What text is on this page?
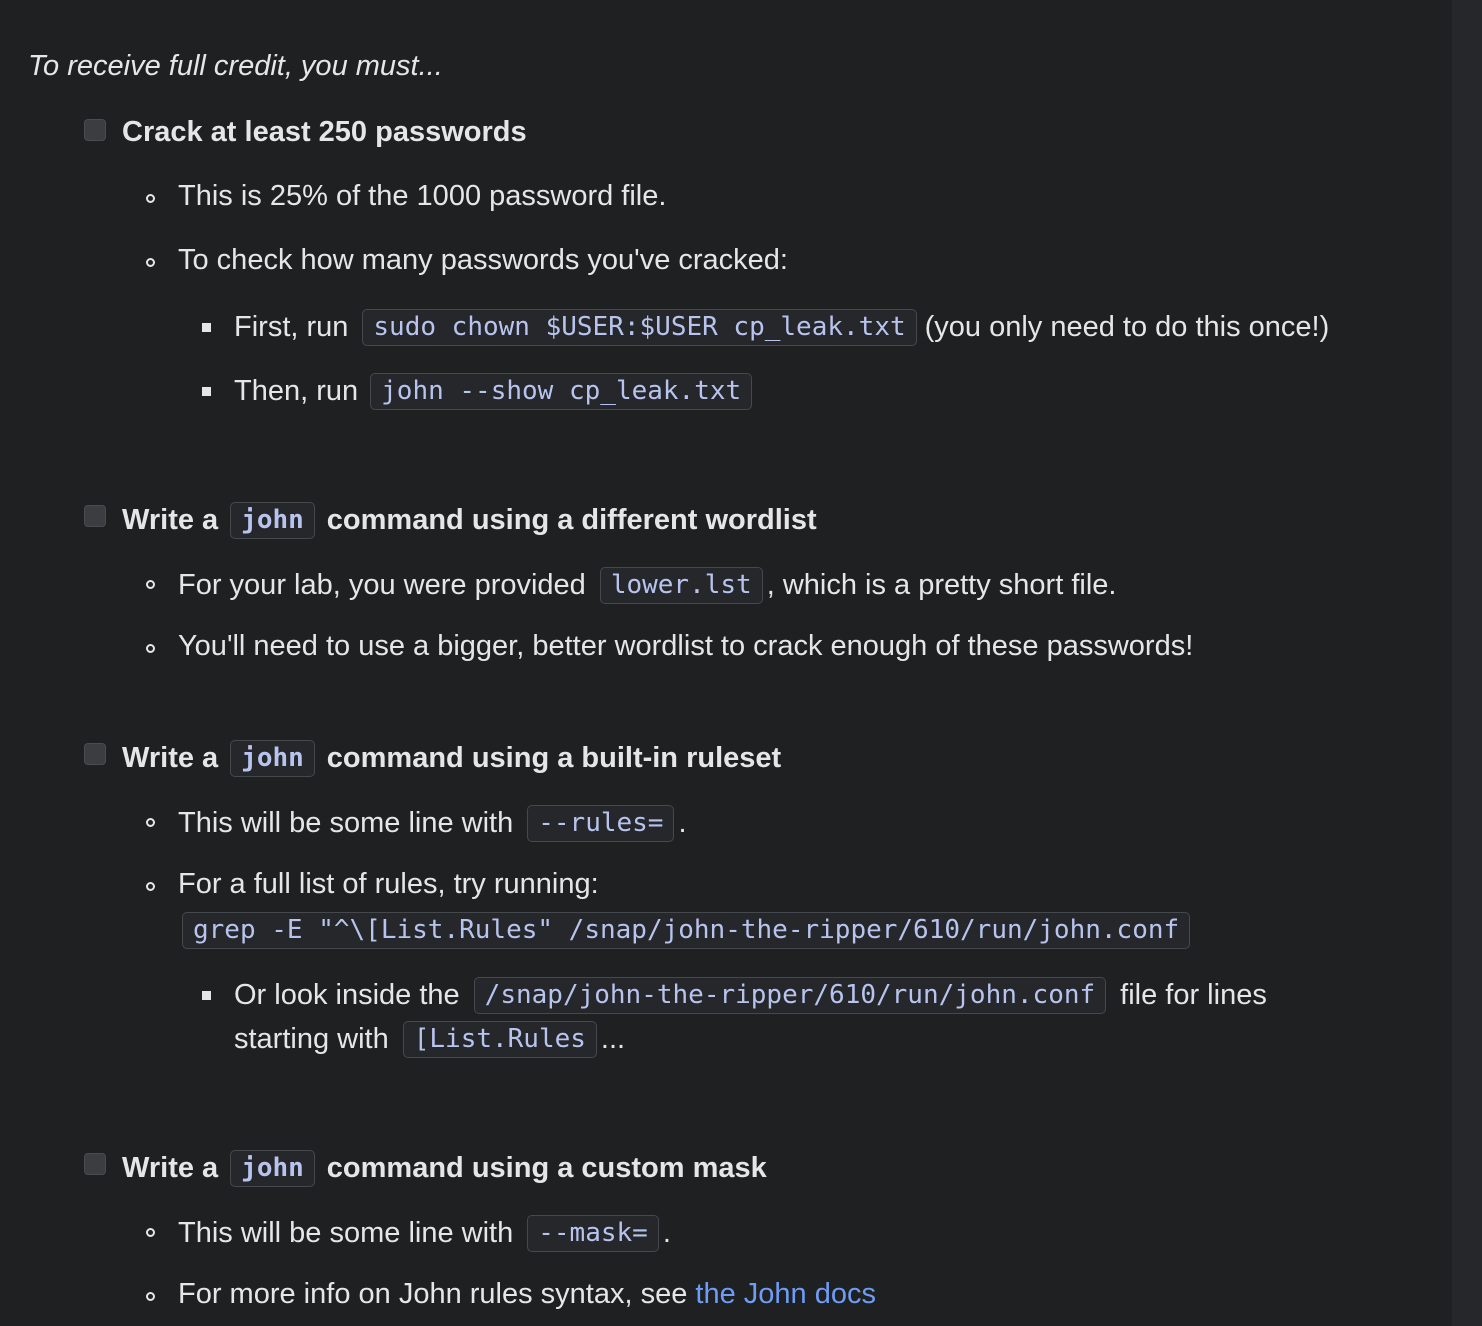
To receive full credit, you must...
Crack at least 250 passwords
This is 25% of the 1000 password file.
To check how many passwords you've cracked:
First, run sudo chown $USER:$USER cp_leak.txt (you only need to do this once!)
Then, run john --show cp_leak.txt
Write a john command using a different wordlist
For your lab, you were provided lower.lst , which is a pretty short file.
You'll need to use a bigger, better wordlist to crack enough of these passwords!
Write a john command using a built-in ruleset
This will be some line with --rules= .
For a full list of rules, try running:
grep -E "^\[List.Rules" /snap/john-the-ripper/610/run/john.conf
Or look inside the /snap/john-the-ripper/610/run/john.conf file for lines
starting with [List.Rules ...
Write a john command using a custom mask
This will be some line with --mask= .
For more info on John rules syntax, see
the John docs
